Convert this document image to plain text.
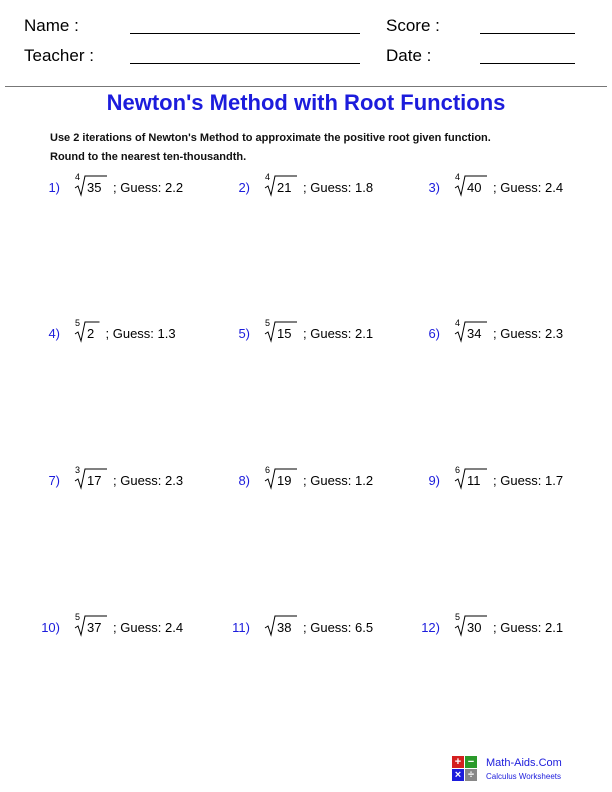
Name :	Score :
Teacher :	Date :
Newton's Method with Root Functions
Use 2 iterations of Newton's Method to approximate the positive root given function.
Round to the nearest ten-thousandth.
1)
4
35 ; Guess: 2.2	2)
4
21 ; Guess: 1.8	3)
4
40 ; Guess: 2.4
4)
5
2 ; Guess: 1.3	5)
5
15 ; Guess: 2.1	6)
4
34 ; Guess: 2.3
7)
3
17 ; Guess: 2.3	8)
6
19 ; Guess: 1.2	9)
6
11 ; Guess: 1.7
10)
5
37 ; Guess: 2.4	11) 38 ; Guess: 6.5	12)
5
30 ; Guess: 2.1
+ −
× ÷
Math-Aids.Com
Calculus Worksheets
